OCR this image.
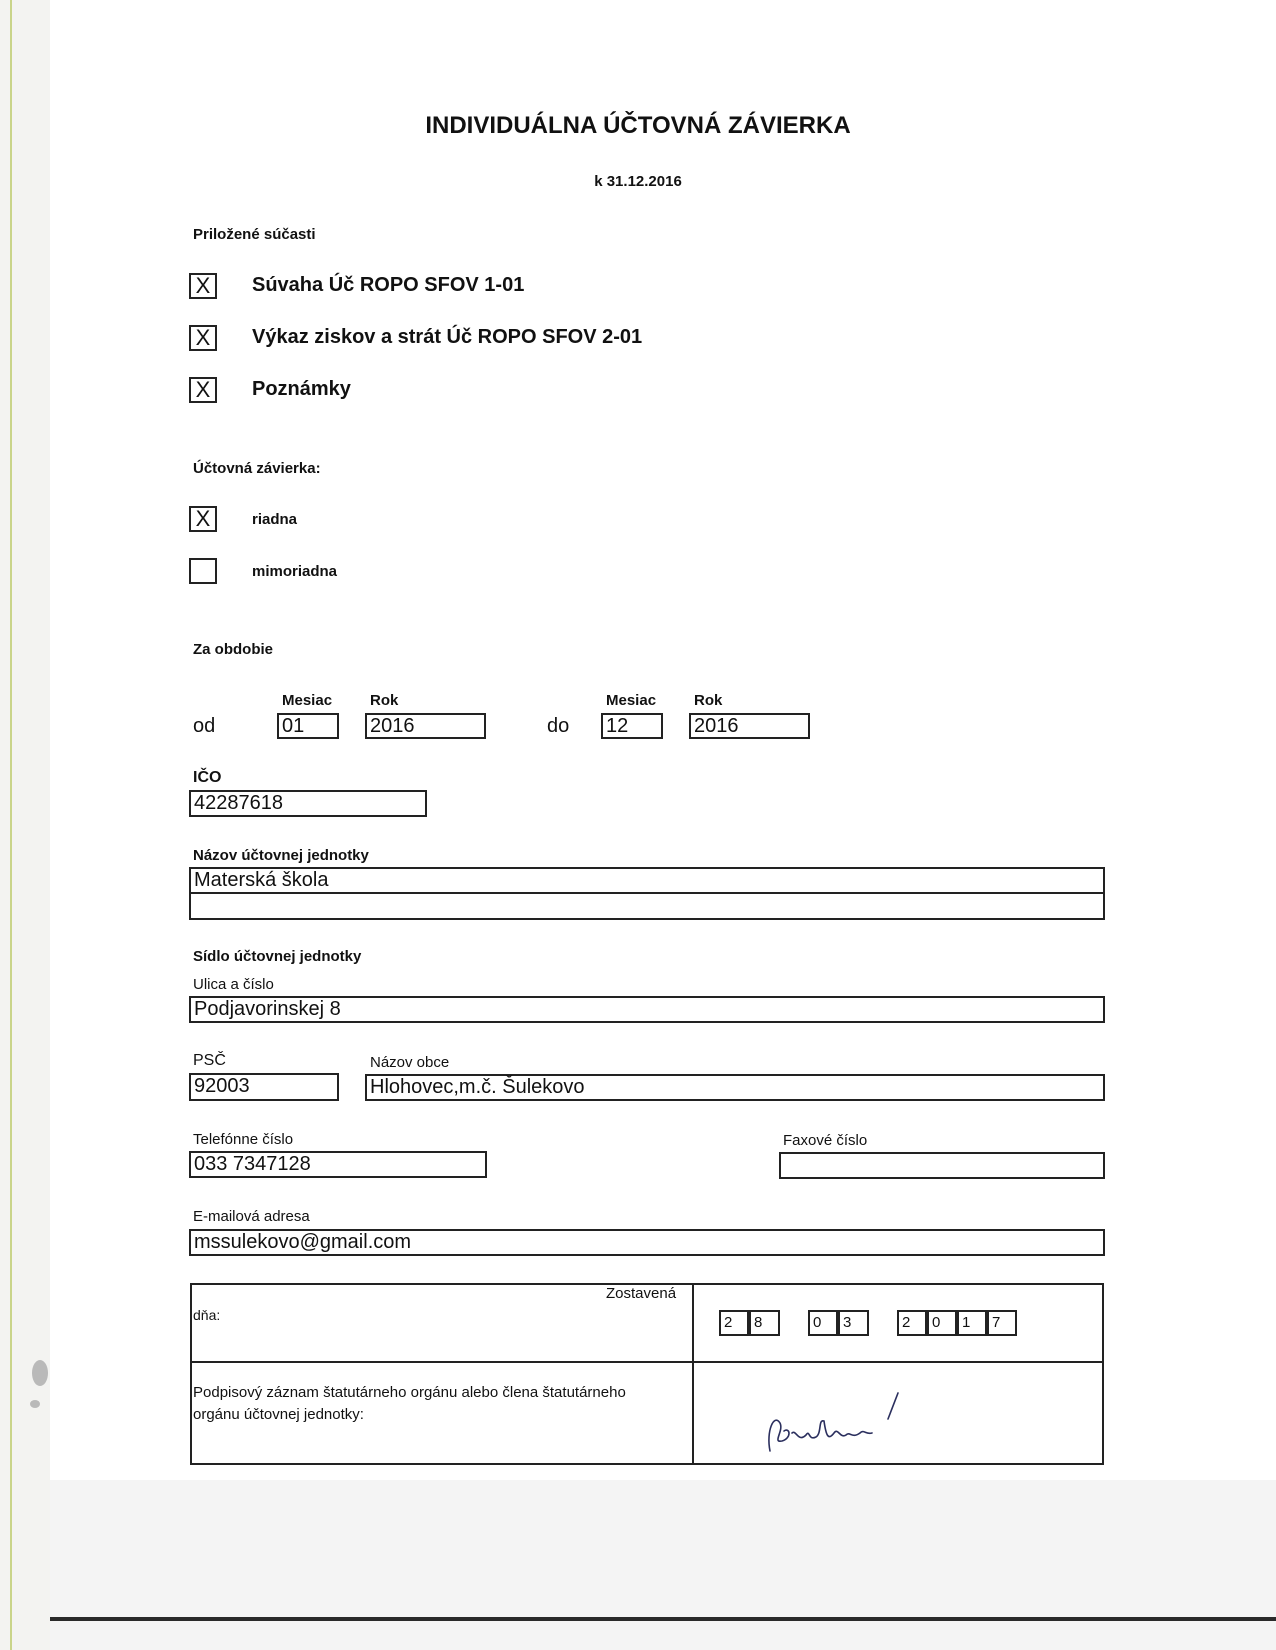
INDIVIDUÁLNA ÚČTOVNÁ ZÁVIERKA
k 31.12.2016
Priložené súčasti
X	Súvaha Úč ROPO SFOV 1-01
X	Výkaz ziskov a strát Úč ROPO SFOV 2-01
X	Poznámky
Účtovná závierka:
X	riadna
mimoriadna
Za obdobie
Mesiac	Rok	Mesiac	Rok
od	01	2016	do 12	2016
IČO
42287618
Názov účtovnej jednotky
Materská škola
Sídlo účtovnej jednotky
Ulica a číslo
Podjavorinskej 8
PSČ	Názov obce
92003	Hlohovec,m.č. Šulekovo
Telefónne číslo	Faxové číslo
033 7347128
E-mailová adresa
mssulekovo@gmail.com
Zostavená
dňa:	2	8	0	3	2	0	1	7
Podpisový záznam štatutárneho orgánu alebo člena štatutárneho orgánu účtovnej jednotky:
